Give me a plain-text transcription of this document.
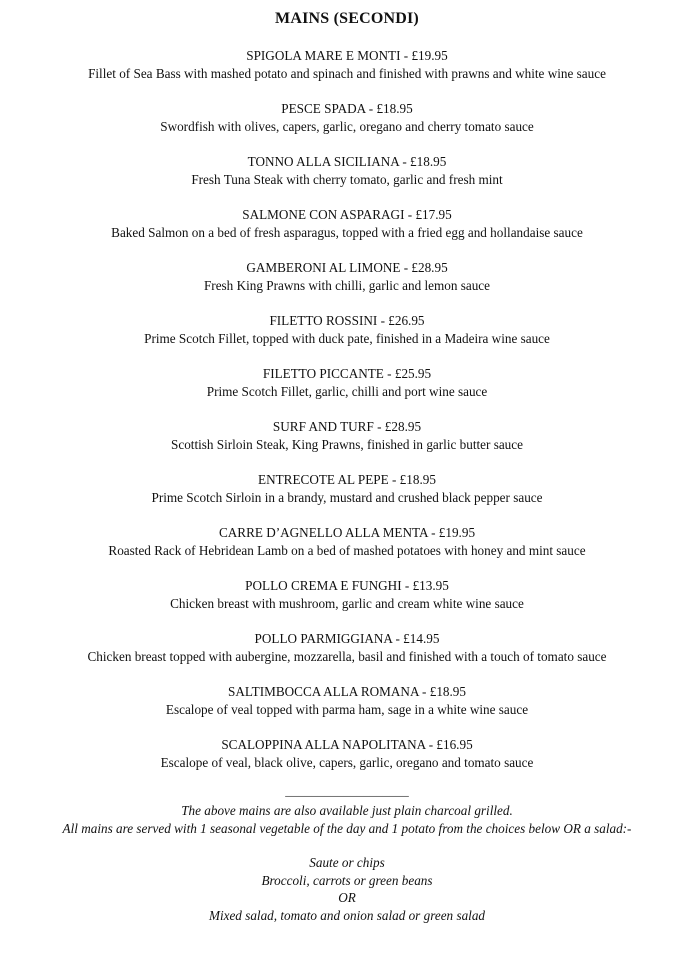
MAINS (SECONDI)
SPIGOLA MARE E MONTI - £19.95
Fillet of Sea Bass with mashed potato and spinach and finished with prawns and white wine sauce
PESCE SPADA - £18.95
Swordfish with olives, capers, garlic, oregano and cherry tomato sauce
TONNO ALLA SICILIANA - £18.95
Fresh Tuna Steak with cherry tomato, garlic and fresh mint
SALMONE CON ASPARAGI - £17.95
Baked Salmon on a bed of fresh asparagus, topped with a fried egg and hollandaise sauce
GAMBERONI AL LIMONE - £28.95
Fresh King Prawns with chilli, garlic and lemon sauce
FILETTO ROSSINI - £26.95
Prime Scotch Fillet, topped with duck pate, finished in a Madeira wine sauce
FILETTO PICCANTE - £25.95
Prime Scotch Fillet, garlic, chilli and port wine sauce
SURF AND TURF - £28.95
Scottish Sirloin Steak, King Prawns, finished in garlic butter sauce
ENTRECOTE AL PEPE - £18.95
Prime Scotch Sirloin in a brandy, mustard and crushed black pepper sauce
CARRE D’AGNELLO ALLA MENTA - £19.95
Roasted Rack of Hebridean Lamb on a bed of mashed potatoes with honey and mint sauce
POLLO CREMA E FUNGHI - £13.95
Chicken breast with mushroom, garlic and cream white wine sauce
POLLO PARMIGGIANA - £14.95
Chicken breast topped with aubergine, mozzarella, basil and finished with a touch of tomato sauce
SALTIMBOCCA ALLA ROMANA - £18.95
Escalope of veal topped with parma ham, sage in a white wine sauce
SCALOPPINA ALLA NAPOLITANA - £16.95
Escalope of veal, black olive, capers, garlic, oregano and tomato sauce
___________________
The above mains are also available just plain charcoal grilled.
All mains are served with 1 seasonal vegetable of the day and 1 potato from the choices below OR a salad:-
Saute or chips
Broccoli, carrots or green beans
OR
Mixed salad, tomato and onion salad or green salad
